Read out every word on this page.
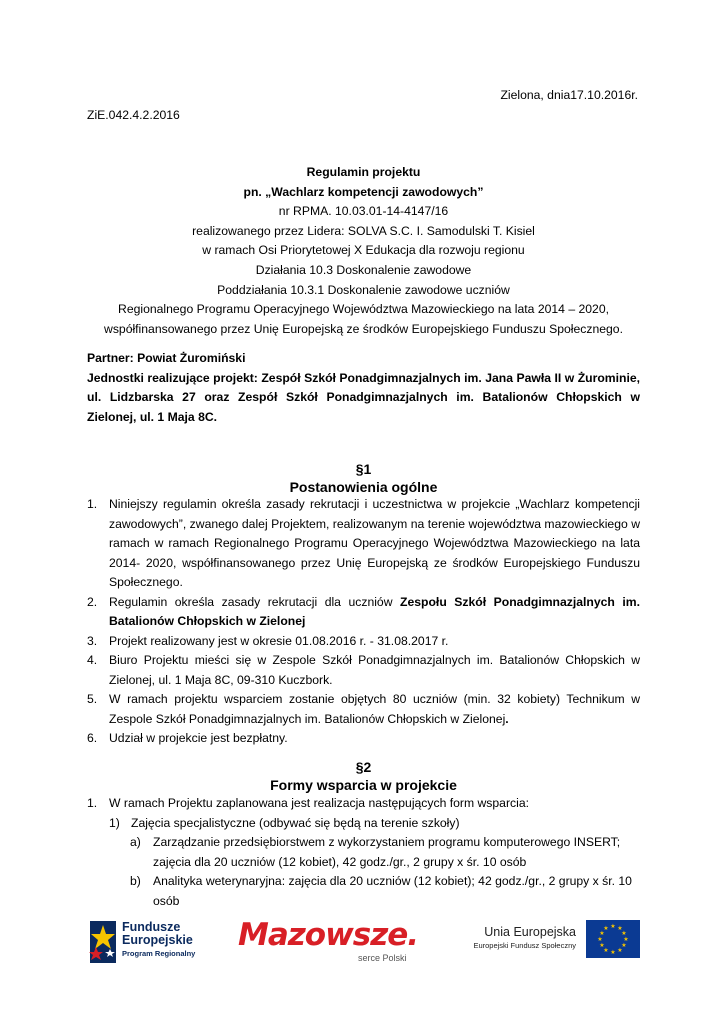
Zielona, dnia17.10.2016r.
ZiE.042.4.2.2016
Regulamin projektu
pn. „Wachlarz kompetencji zawodowych”
nr RPMA. 10.03.01-14-4147/16
realizowanego przez Lidera: SOLVA S.C. I. Samodulski T. Kisiel
w ramach Osi Priorytetowej X Edukacja dla rozwoju regionu
Działania 10.3 Doskonalenie zawodowe
Poddziałania 10.3.1 Doskonalenie zawodowe uczniów
Regionalnego Programu Operacyjnego Województwa Mazowieckiego na lata 2014 – 2020,
współfinansowanego przez Unię Europejską ze środków Europejskiego Funduszu Społecznego.
Partner: Powiat Żuromiński
Jednostki realizujące projekt: Zespół Szkół Ponadgimnazjalnych im. Jana Pawła II w Żurominie, ul. Lidzbarska 27 oraz Zespół Szkół Ponadgimnazjalnych im. Batalionów Chłopskich w Zielonej, ul. 1 Maja 8C.
§1
Postanowienia ogólne
1. Niniejszy regulamin określa zasady rekrutacji i uczestnictwa w projekcie „Wachlarz kompetencji zawodowych”, zwanego dalej Projektem, realizowanym na terenie województwa mazowieckiego w ramach w ramach Regionalnego Programu Operacyjnego Województwa Mazowieckiego na lata 2014- 2020, współfinansowanego przez Unię Europejską ze środków Europejskiego Funduszu Społecznego.
2. Regulamin określa zasady rekrutacji dla uczniów Zespołu Szkół Ponadgimnazjalnych im. Batalionów Chłopskich w Zielonej
3. Projekt realizowany jest w okresie 01.08.2016 r. - 31.08.2017 r.
4. Biuro Projektu mieści się w Zespole Szkół Ponadgimnazjalnych im. Batalionów Chłopskich w Zielonej, ul. 1 Maja 8C, 09-310 Kuczbork.
5. W ramach projektu wsparciem zostanie objętych 80 uczniów (min. 32 kobiety) Technikum w Zespole Szkół Ponadgimnazjalnych im. Batalionów Chłopskich w Zielonej.
6. Udział w projekcie jest bezpłatny.
§2
Formy wsparcia w projekcie
1. W ramach Projektu zaplanowana jest realizacja następujących form wsparcia:
1) Zajęcia specjalistyczne (odbywać się będą na terenie szkoły)
a) Zarządzanie przedsiębiorstwem z wykorzystaniem programu komputerowego INSERT; zajęcia dla 20 uczniów (12 kobiet), 42 godz./gr., 2 grupy x śr. 10 osób
b) Analityka weterynaryjna: zajęcia dla 20 uczniów (12 kobiet); 42 godz./gr., 2 grupy x śr. 10 osób
Fundusze
Europejskie
Program Regionalny
Mazowsze.
serce Polski
Unia Europejska
Europejski Fundusz Społeczny
★ ★
★
★
★
★
★
★
★
★
★
★
